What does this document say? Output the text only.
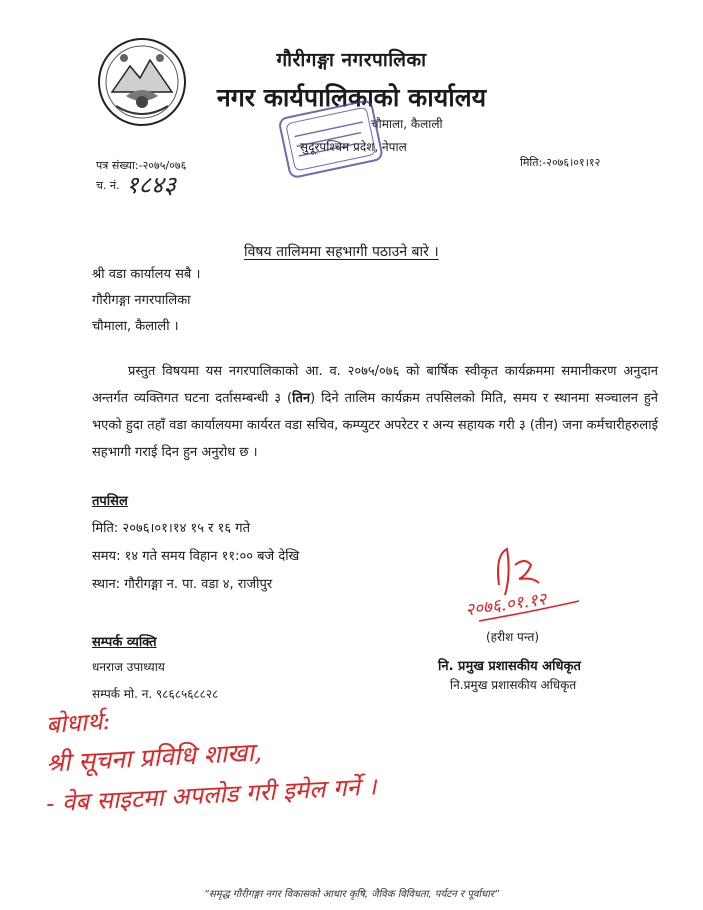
गौरीगङ्गा नगरपालिका
नगर कार्यपालिकाको कार्यालय
चौमाला, कैलाली
सुदूरपश्चिम प्रदेश, नेपाल
पत्र संख्या:-२०७५/०७६
च. नं. १८४३
मिति:-२०७६।०१।१२
विषय तालिममा सहभागी पठाउने बारे ।
श्री वडा कार्यालय सबै ।
गौरीगङ्गा नगरपालिका
चौमाला, कैलाली ।
प्रस्तुत विषयमा यस नगरपालिकाको आ. व. २०७५/०७६ को बार्षिक स्वीकृत कार्यक्रममा समानीकरण अनुदान अन्तर्गत व्यक्तिगत घटना दर्तासम्बन्धी ३ (तिन) दिने तालिम कार्यक्रम तपसिलको मिति, समय र स्थानमा सञ्चालन हुने भएको हुदा तहाँ वडा कार्यालयमा कार्यरत वडा सचिव, कम्प्युटर अपरेटर र अन्य सहायक गरी ३ (तीन) जना कर्मचारीहरुलाई सहभागी गराई दिन हुन अनुरोध छ ।
तपसिल
मिति: २०७६।०१।१४ १५ र १६ गते
समय: १४ गते समय विहान ११:०० बजे देखि
स्थान: गौरीगङ्गा न. पा. वडा ४, राजीपुर
२०७६.०१.१२
(हरीश पन्त)
नि. प्रमुख प्रशासकीय अधिकृत
नि.प्रमुख प्रशासकीय अधिकृत
सम्पर्क व्यक्ति
धनराज उपाध्याय
सम्पर्क मो. न. ९८६८५६८८२८
बोधार्थ:
श्री सूचना प्रविधि शाखा,
- वेब साइटमा अपलोड गरी इमेल गर्ने ।
“समृद्ध गौरीगङ्गा नगर विकासको आधार कृषि, जैविक विविधता, पर्यटन र पूर्वाधार”
